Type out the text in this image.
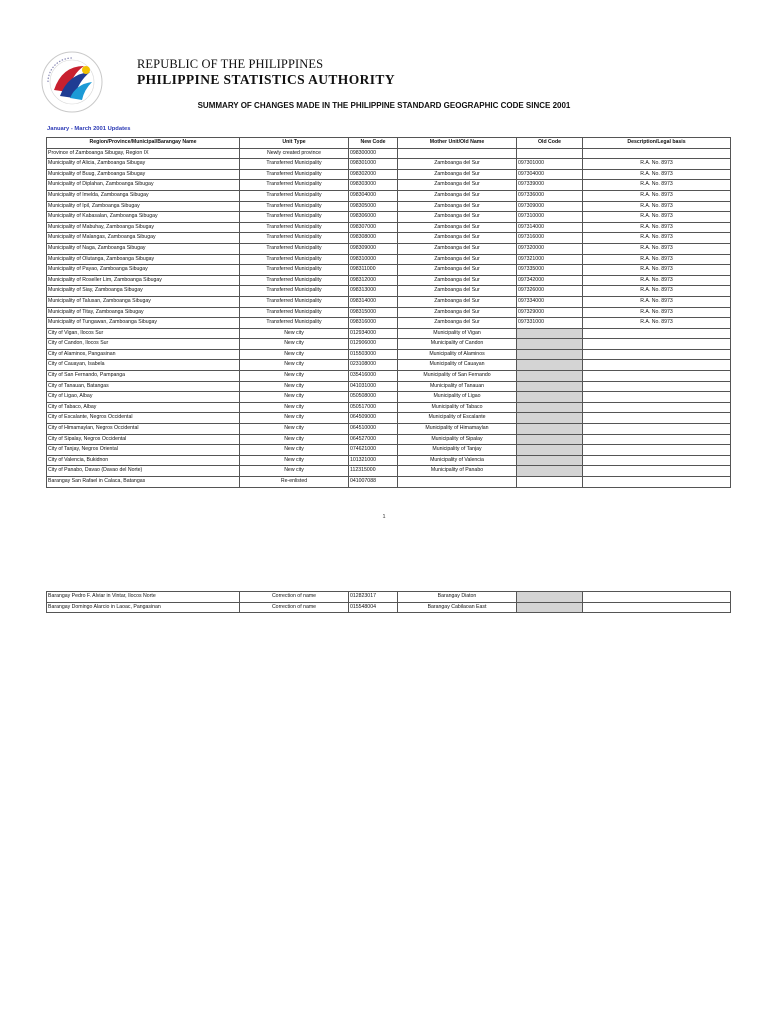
REPUBLIC OF THE PHILIPPINES
PHILIPPINE STATISTICS AUTHORITY
SUMMARY OF CHANGES MADE IN THE PHILIPPINE STANDARD GEOGRAPHIC CODE SINCE 2001
January - March 2001 Updates
Region/Province/Municipal/Barangay Name	Unit Type	New Code	Mother Unit/Old Name	Old Code	Description/Legal basis
Province of Zamboanga Sibugay, Region IX	Newly created province	098300000			
Municipality of Alicia, Zamboanga Sibugay	Transferred Municipality	098301000	Zamboanga del Sur	097301000	R.A. No. 8973
Municipality of Buug, Zamboanga Sibugay	Transferred Municipality	098302000	Zamboanga del Sur	097304000	R.A. No. 8973
Municipality of Diplahan, Zamboanga Sibugay	Transferred Municipality	098303000	Zamboanga del Sur	097339000	R.A. No. 8973
Municipality of Imelda, Zamboanga Sibugay	Transferred Municipality	098304000	Zamboanga del Sur	097336000	R.A. No. 8973
Municipality of Ipil, Zamboanga Sibugay	Transferred Municipality	098305000	Zamboanga del Sur	097309000	R.A. No. 8973
Municipality of Kabasalan, Zamboanga Sibugay	Transferred Municipality	098306000	Zamboanga del Sur	097310000	R.A. No. 8973
Municipality of Mabuhay, Zamboanga Sibugay	Transferred Municipality	098307000	Zamboanga del Sur	097314000	R.A. No. 8973
Municipality of Malangas, Zamboanga Sibugay	Transferred Municipality	098308000	Zamboanga del Sur	097316000	R.A. No. 8973
Municipality of Naga, Zamboanga Sibugay	Transferred Municipality	098309000	Zamboanga del Sur	097320000	R.A. No. 8973
Municipality of Olutanga, Zamboanga Sibugay	Transferred Municipality	098310000	Zamboanga del Sur	097321000	R.A. No. 8973
Municipality of Payao, Zamboanga Sibugay	Transferred Municipality	098311000	Zamboanga del Sur	097335000	R.A. No. 8973
Municipality of Roseller Lim, Zamboanga Sibugay	Transferred Municipality	098312000	Zamboanga del Sur	097342000	R.A. No. 8973
Municipality of Siay, Zamboanga Sibugay	Transferred Municipality	098313000	Zamboanga del Sur	097326000	R.A. No. 8973
Municipality of Talusan, Zamboanga Sibugay	Transferred Municipality	098314000	Zamboanga del Sur	097334000	R.A. No. 8973
Municipality of Titay, Zamboanga Sibugay	Transferred Municipality	098315000	Zamboanga del Sur	097329000	R.A. No. 8973
Municipality of Tungawan, Zamboanga Sibugay	Transferred Municipality	098316000	Zamboanga del Sur	097331000	R.A. No. 8973
City of Vigan, Ilocos Sur	New city	012934000	Municipality of Vigan		
City of Candon, Ilocos Sur	New city	012906000	Municipality of Candon		
City of Alaminos, Pangasinan	New city	015503000	Municipality of Alaminos		
City of Cauayan, Isabela	New city	023108000	Municipality of Cauayan		
City of San Fernando, Pampanga	New city	035416000	Municipality of San Fernando		
City of Tanauan, Batangas	New city	041031000	Municipality of Tanauan		
City of Ligao, Albay	New city	050508000	Municipality of Ligao		
City of Tabaco, Albay	New city	050517000	Municipality of Tabaco		
City of Escalante, Negros Occidental	New city	064509000	Municipality of Escalante		
City of Himamaylan, Negros Occidental	New city	064510000	Municipality of Himamaylan		
City of Sipalay, Negros Occidental	New city	064527000	Municipality of Sipalay		
City of Tanjay, Negros Oriental	New city	074621000	Municipality of Tanjay		
City of Valencia, Bukidnon	New city	101321000	Municipality of Valencia		
City of Panabo, Davao (Davao del Norte)	New city	112315000	Municipality of Panabo		
Barangay San Rafael in Calaca, Batangas	Re-enlisted	041007088			
1
Barangay Pedro F. Alviar in Vintar, Ilocos Norte	Correction of name	012823017	Barangay Diaton		
Barangay Domingo Alarcio in Laoac, Pangasinan	Correction of name	015548004	Barangay Cabilaoan East		
